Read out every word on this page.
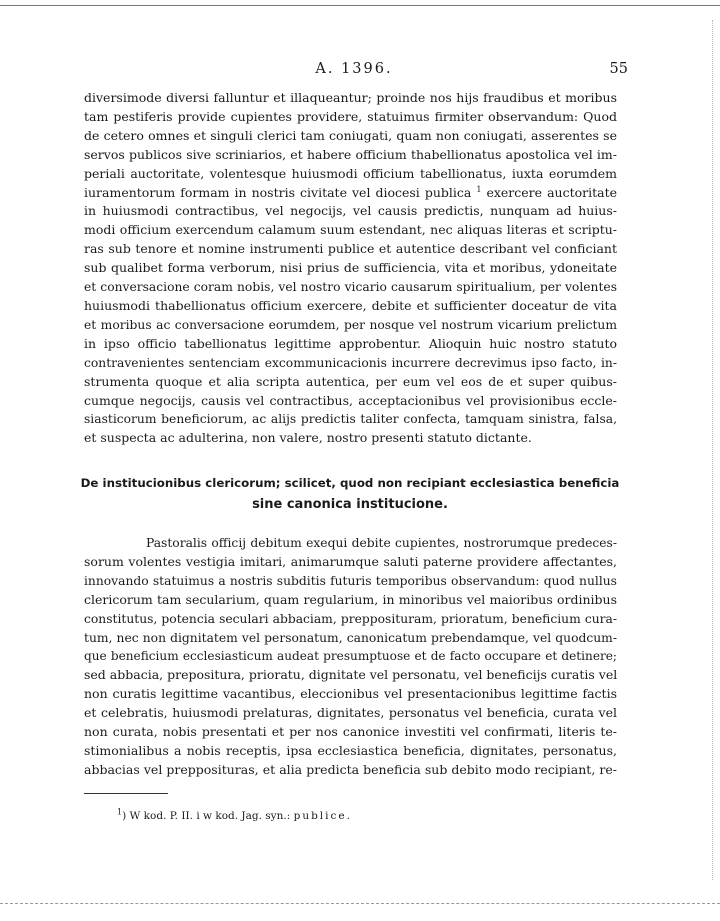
A. 1396.	55
diversimode diversi falluntur et illaqueantur; proinde nos hijs fraudibus et moribus
tam pestiferis provide cupientes providere, statuimus firmiter observandum: Quod
de cetero omnes et singuli clerici tam coniugati, quam non coniugati, asserentes se
servos publicos sive scriniarios, et habere officium thabellionatus apostolica vel im-
periali auctoritate, volentesque huiusmodi officium tabellionatus, iuxta eorumdem
iuramentorum formam in nostris civitate vel diocesi publica $^1$ exercere auctoritate
in huiusmodi contractibus, vel negocijs, vel causis predictis, nunquam ad huius-
modi officium exercendum calamum suum estendant, nec aliquas literas et scriptu-
ras sub tenore et nomine instrumenti publice et autentice describant vel conficiant
sub qualibet forma verborum, nisi prius de sufficiencia, vita et moribus, ydoneitate
et conversacione coram nobis, vel nostro vicario causarum spiritualium, per volentes
huiusmodi thabellionatus officium exercere, debite et sufficienter doceatur de vita
et moribus ac conversacione eorumdem, per nosque vel nostrum vicarium prelictum
in ipso officio tabellionatus legittime approbentur. Alioquin huic nostro statuto
contravenientes sentenciam excommunicacionis incurrere decrevimus ipso facto, in-
strumenta quoque et alia scripta autentica, per eum vel eos de et super quibus-
cumque negocijs, causis vel contractibus, acceptacionibus vel provisionibus eccle-
siasticorum beneficiorum, ac alijs predictis taliter confecta, tamquam sinistra, falsa,
et suspecta ac adulterina, non valere, nostro presenti statuto dictante.
De institucionibus clericorum; scilicet, quod non recipiant ecclesiastica beneficia
sine canonica institucione.
Pastoralis officij debitum exequi debite cupientes, nostrorumque predeces-
sorum volentes vestigia imitari, animarumque saluti paterne providere affectantes,
innovando statuimus a nostris subditis futuris temporibus observandum: quod nullus
clericorum tam secularium, quam regularium, in minoribus vel maioribus ordinibus
constitutus, potencia seculari abbaciam, prepposituram, prioratum, beneficium cura-
tum, nec non dignitatem vel personatum, canonicatum prebendamque, vel quodcum-
que beneficium ecclesiasticum audeat presumptuose et de facto occupare et detinere;
sed abbacia, prepositura, prioratu, dignitate vel personatu, vel beneficijs curatis vel
non curatis legittime vacantibus, eleccionibus vel presentacionibus legittime factis
et celebratis, huiusmodi prelaturas, dignitates, personatus vel beneficia, curata vel
non curata, nobis presentati et per nos canonice investiti vel confirmati, literis te-
stimonialibus a nobis receptis, ipsa ecclesiastica beneficia, dignitates, personatus,
abbacias vel prepposituras, et alia predicta beneficia sub debito modo recipiant, re-

$^1$) W kod. P. II. i w kod. Jag. syn.: publice.
